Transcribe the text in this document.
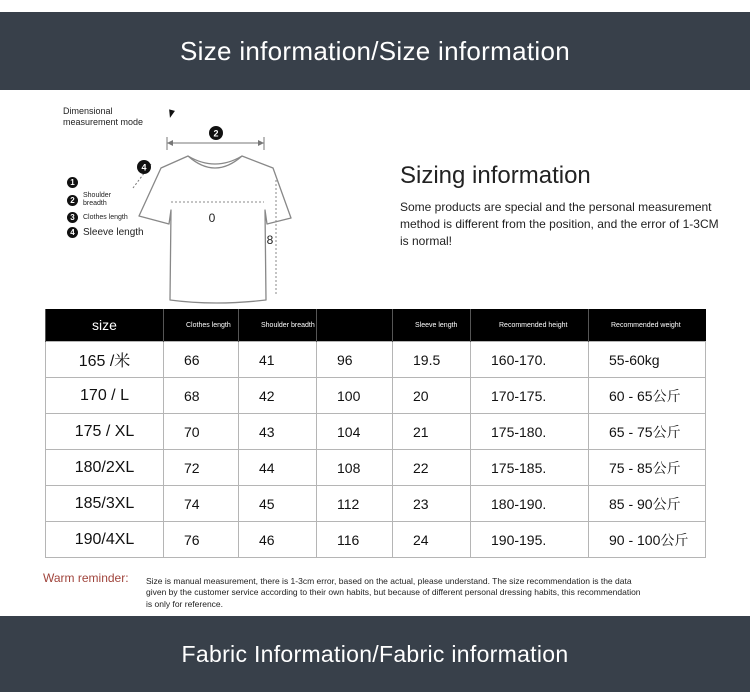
Size information/Size information
Dimensional
measurement mode
1
2	Shoulder breadth
3	Clothes length
4 Sleeve length
2
4
0
8
Sizing information

Some products are special and the personal measurement method is different from the position, and the error of 1-3CM is normal!

size	Clothes length	Shoulder breadth		Sleeve length	Recommended height	Recommended weight
165 /米	66	41	96	19.5	160-170.	55-60kg
170 / L	68	42	100	20	170-175.	60 - 65公斤
175 / XL	70	43	104	21	175-180.	65 - 75公斤
180/2XL	72	44	108	22	175-185.	75 - 85公斤
185/3XL	74	45	112	23	180-190.	85 - 90公斤
190/4XL	76	46	116	24	190-195.	90 - 100公斤
Warm reminder: Size is manual measurement, there is 1-3cm error, based on the actual, please understand. The size recommendation is the data given by the customer service according to their own habits, but because of different personal dressing habits, this recommendation is only for reference.

Fabric Information/Fabric information
